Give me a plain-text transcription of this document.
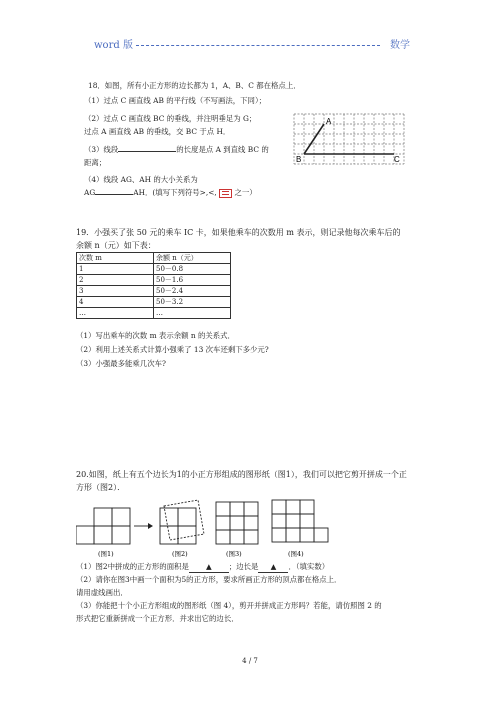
word 版	数学
18．如图，所有小正方形的边长都为 1，A、B、C 都在格点上．
（1）过点 C 画直线 AB 的平行线（不写画法，下同）；
（2）过点 C 画直线 BC 的垂线，并注明垂足为 G；
过点 A 画直线 AB 的垂线，交 BC 于点 H．
（3）线段	的长度是点 A 到直线 BC 的
距离；
（4）线段 AG、AH 的大小关系为
AG	AH．(填写下列符号>,<, 之一）
A
B	C
19．小强买了张 50 元的乘车 IC 卡，如果他乘车的次数用 m 表示，则记录他每次乘车后的
余额 n（元）如下表：
次数 m	余额 n（元）
1	50－0.8
2	50－1.6
3	50－2.4
4	50－3.2
…	…
（1）写出乘车的次数 m 表示余额 n 的关系式．
（2）利用上述关系式计算小强乘了 13 次车还剩下多少元?
（3）小强最多能乘几次车?
20.如图，纸上有五个边长为1的小正方形组成的图形纸（图1），我们可以把它剪开拼成一个正
方形（图2）．
(图1)	(图2)	(图3)	(图4)
（1）图2中拼成的正方形的面积是 ▲ ；边长是 ▲ ．（填实数）
（2）请你在图3中画一个面积为5的正方形，要求所画正方形的顶点都在格点上．
请用虚线画出．
（3）你能把十个小正方形组成的图形纸（图 4），剪开并拼成正方形吗？若能，请仿照图 2 的
形式把它重新拼成一个正方形．并求出它的边长．
4 / 7
